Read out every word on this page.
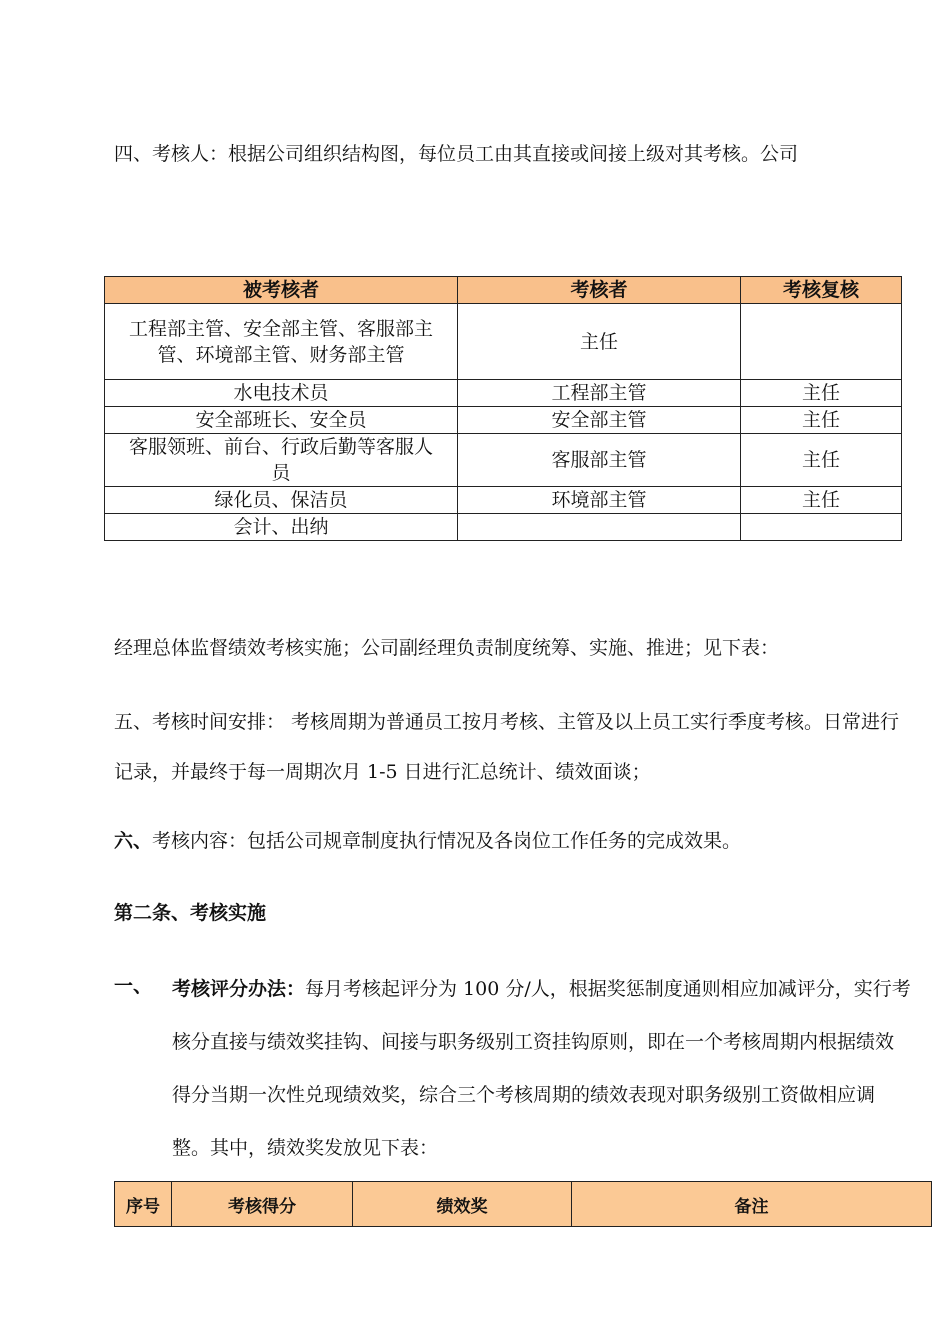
四、考核人：根据公司组织结构图，每位员工由其直接或间接上级对其考核。公司

被考核者	考核者	考核复核
工程部主管、安全部主管、客服部主管、环境部主管、财务部主管	主任	
水电技术员	工程部主管	主任
安全部班长、安全员	安全部主管	主任
客服领班、前台、行政后勤等客服人员	客服部主管	主任
绿化员、保洁员	环境部主管	主任
会计、出纳		

经理总体监督绩效考核实施；公司副经理负责制度统筹、实施、推进；见下表：

五、考核时间安排： 考核周期为普通员工按月考核、主管及以上员工实行季度考核。日常进行记录，并最终于每一周期次月 1-5 日进行汇总统计、绩效面谈；

六、考核内容：包括公司规章制度执行情况及各岗位工作任务的完成效果。

第二条、考核实施

一、 考核评分办法：每月考核起评分为 100 分/人，根据奖惩制度通则相应加减评分，实行考核分直接与绩效奖挂钩、间接与职务级别工资挂钩原则，即在一个考核周期内根据绩效得分当期一次性兑现绩效奖，综合三个考核周期的绩效表现对职务级别工资做相应调整。其中，绩效奖发放见下表：

序号	考核得分	绩效奖	备注
